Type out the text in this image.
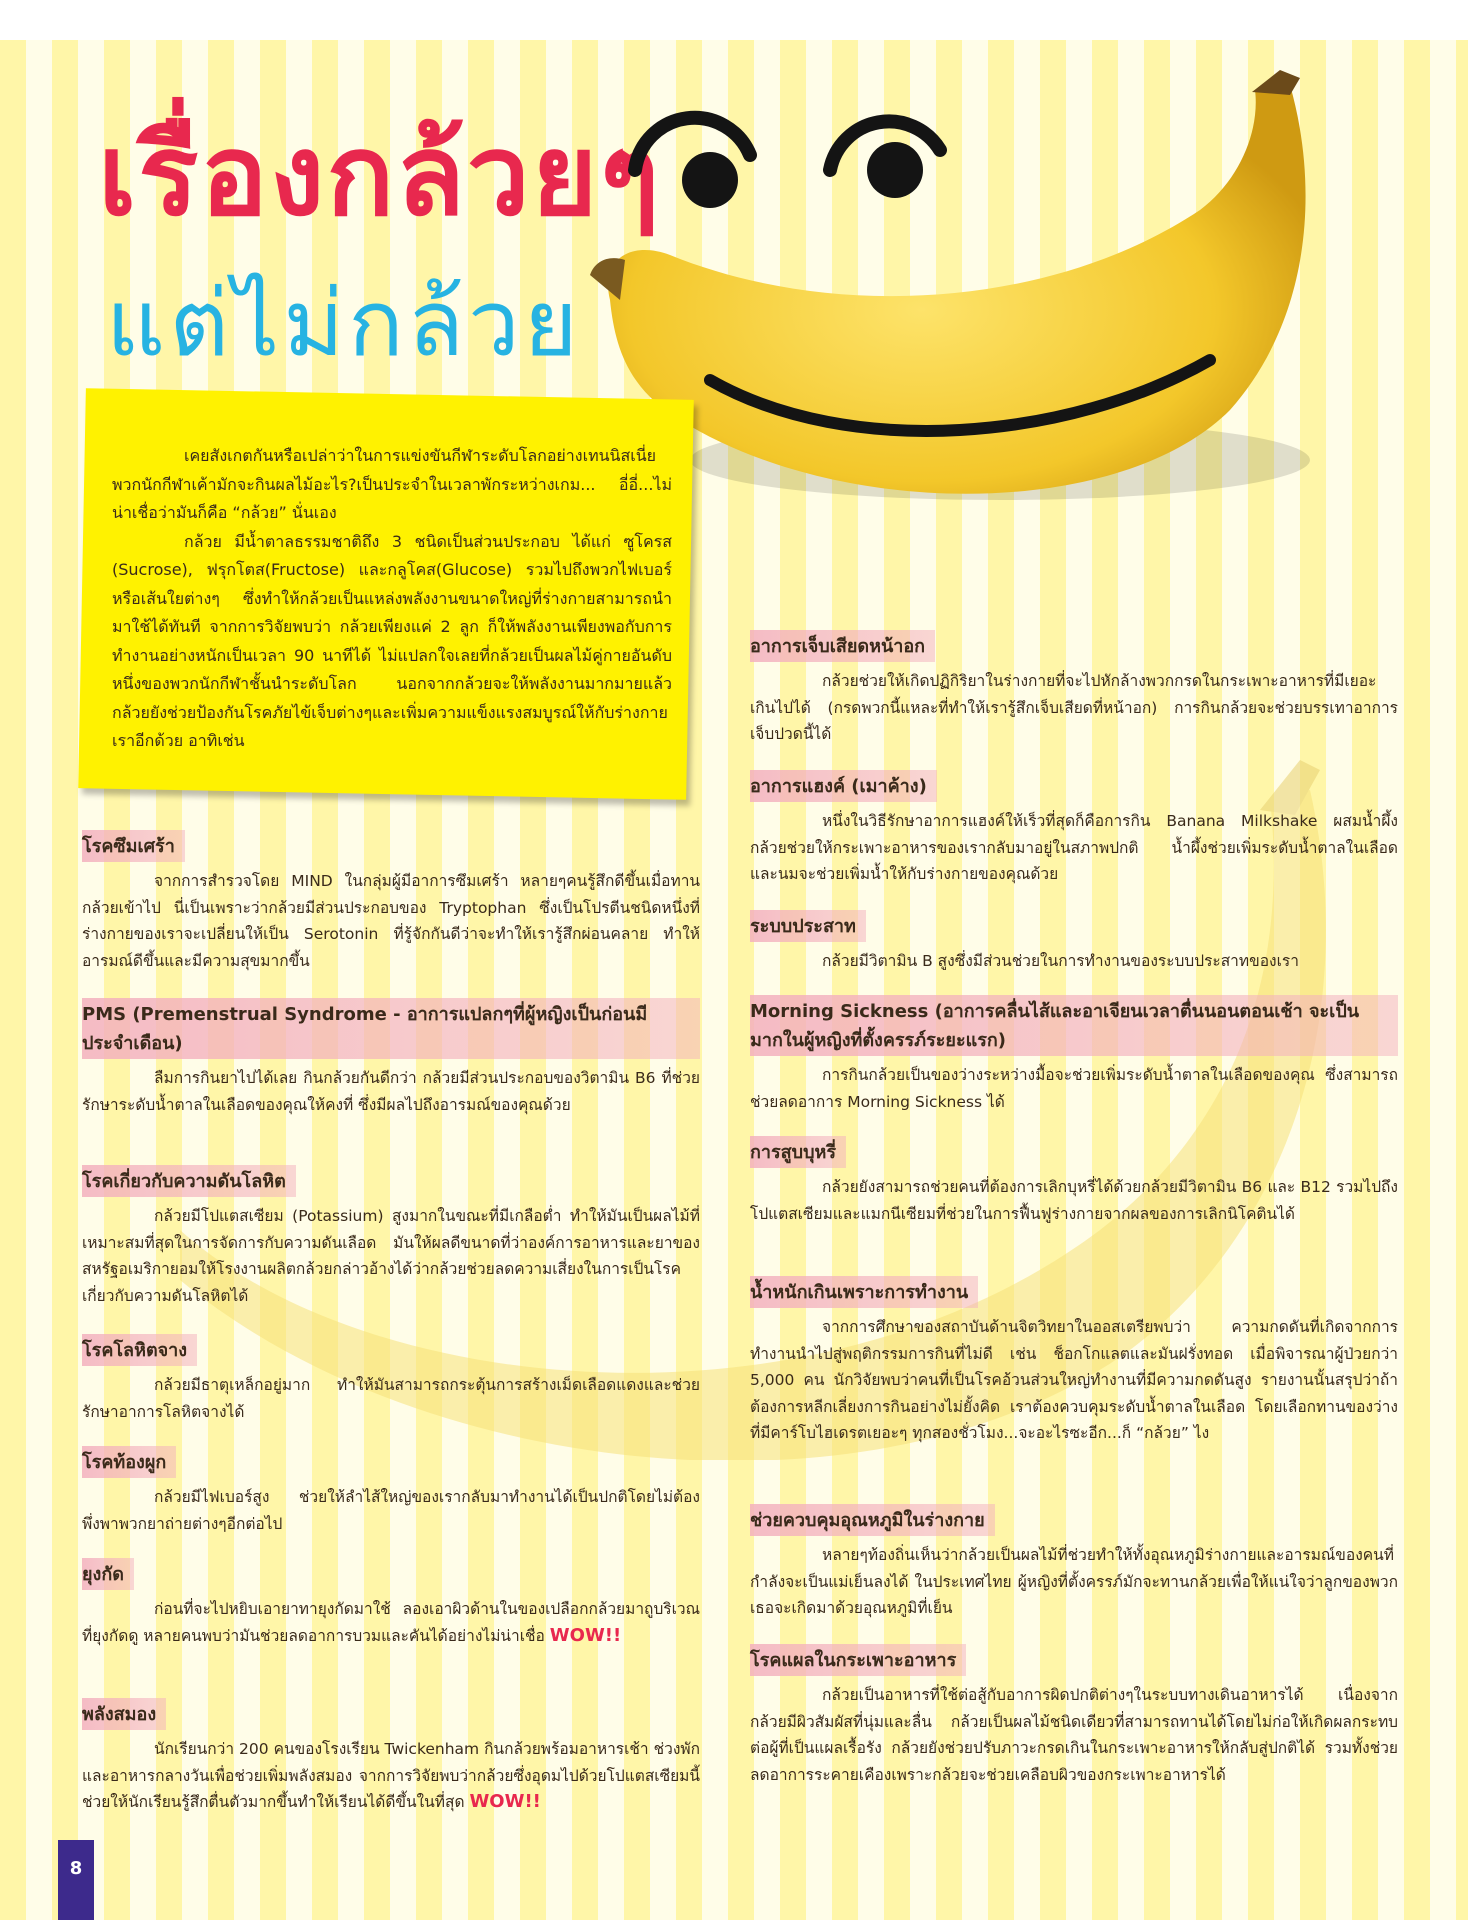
เรื่องกล้วยๆ
แต่ไม่กล้วย

เคยสังเกตกันหรือเปล่าว่าในการแข่งขันกีฬาระดับโลกอย่างเทนนิสเนี่ย พวกนักกีฬาเค้ามักจะกินผลไม้อะไร?เป็นประจำในเวลาพักระหว่างเกม... อี่อี่...ไม่น่าเชื่อว่ามันก็คือ “กล้วย” นั่นเอง

กล้วย มีน้ำตาลธรรมชาติถึง 3 ชนิดเป็นส่วนประกอบ ได้แก่ ซูโครส (Sucrose), ฟรุกโตส(Fructose) และกลูโคส(Glucose) รวมไปถึงพวกไฟเบอร์หรือเส้นใยต่างๆ ซึ่งทำให้กล้วยเป็นแหล่งพลังงานขนาดใหญ่ที่ร่างกายสามารถนำมาใช้ได้ทันที จากการวิจัยพบว่า กล้วยเพียงแค่ 2 ลูก ก็ให้พลังงานเพียงพอกับการทำงานอย่างหนักเป็นเวลา 90 นาทีได้ ไม่แปลกใจเลยที่กล้วยเป็นผลไม้คู่กายอันดับหนึ่งของพวกนักกีฬาชั้นนำระดับโลก นอกจากกล้วยจะให้พลังงานมากมายแล้ว กล้วยยังช่วยป้องกันโรคภัยไข้เจ็บต่างๆและเพิ่มความแข็งแรงสมบูรณ์ให้กับร่างกายเราอีกด้วย อาทิเช่น

โรคซึมเศร้า
จากการสำรวจโดย MIND ในกลุ่มผู้มีอาการซึมเศร้า หลายๆคนรู้สึกดีขึ้นเมื่อทานกล้วยเข้าไป นี่เป็นเพราะว่ากล้วยมีส่วนประกอบของ Tryptophan ซึ่งเป็นโปรตีนชนิดหนึ่งที่ร่างกายของเราจะเปลี่ยนให้เป็น Serotonin ที่รู้จักกันดีว่าจะทำให้เรารู้สึกผ่อนคลาย ทำให้อารมณ์ดีขึ้นและมีความสุขมากขึ้น
PMS (Premenstrual Syndrome - อาการแปลกๆที่ผู้หญิงเป็นก่อนมีประจำเดือน)
ลืมการกินยาไปได้เลย กินกล้วยกันดีกว่า กล้วยมีส่วนประกอบของวิตามิน B6 ที่ช่วยรักษาระดับน้ำตาลในเลือดของคุณให้คงที่ ซึ่งมีผลไปถึงอารมณ์ของคุณด้วย
โรคเกี่ยวกับความดันโลหิต
กล้วยมีโปแตสเซียม (Potassium) สูงมากในขณะที่มีเกลือต่ำ ทำให้มันเป็นผลไม้ที่เหมาะสมที่สุดในการจัดการกับความดันเลือด มันให้ผลดีขนาดที่ว่าองค์การอาหารและยาของสหรัฐอเมริกายอมให้โรงงานผลิตกล้วยกล่าวอ้างได้ว่ากล้วยช่วยลดความเสี่ยงในการเป็นโรคเกี่ยวกับความดันโลหิตได้
โรคโลหิตจาง
กล้วยมีธาตุเหล็กอยู่มาก ทำให้มันสามารถกระตุ้นการสร้างเม็ดเลือดแดงและช่วยรักษาอาการโลหิตจางได้
โรคท้องผูก
กล้วยมีไฟเบอร์สูง ช่วยให้ลำไส้ใหญ่ของเรากลับมาทำงานได้เป็นปกติโดยไม่ต้องพึ่งพาพวกยาถ่ายต่างๆอีกต่อไป
ยุงกัด
ก่อนที่จะไปหยิบเอายาทายุงกัดมาใช้ ลองเอาผิวด้านในของเปลือกกล้วยมาถูบริเวณที่ยุงกัดดู หลายคนพบว่ามันช่วยลดอาการบวมและคันได้อย่างไม่น่าเชื่อ WOW!!
พลังสมอง
นักเรียนกว่า 200 คนของโรงเรียน Twickenham กินกล้วยพร้อมอาหารเช้า ช่วงพัก และอาหารกลางวันเพื่อช่วยเพิ่มพลังสมอง จากการวิจัยพบว่ากล้วยซึ่งอุดมไปด้วยโปแตสเซียมนี้ช่วยให้นักเรียนรู้สึกตื่นตัวมากขึ้นทำให้เรียนได้ดีขึ้นในที่สุด WOW!!
อาการเจ็บเสียดหน้าอก
กล้วยช่วยให้เกิดปฏิกิริยาในร่างกายที่จะไปหักล้างพวกกรดในกระเพาะอาหารที่มีเยอะเกินไปได้ (กรดพวกนี้แหละที่ทำให้เรารู้สึกเจ็บเสียดที่หน้าอก) การกินกล้วยจะช่วยบรรเทาอาการเจ็บปวดนี้ได้
อาการแฮงค์ (เมาค้าง)
หนึ่งในวิธีรักษาอาการแฮงค์ให้เร็วที่สุดก็คือการกิน Banana Milkshake ผสมน้ำผึ้ง กล้วยช่วยให้กระเพาะอาหารของเรากลับมาอยู่ในสภาพปกติ น้ำผึ้งช่วยเพิ่มระดับน้ำตาลในเลือด และนมจะช่วยเพิ่มน้ำให้กับร่างกายของคุณด้วย
ระบบประสาท
กล้วยมีวิตามิน B สูงซึ่งมีส่วนช่วยในการทำงานของระบบประสาทของเรา
Morning Sickness (อาการคลื่นไส้และอาเจียนเวลาตื่นนอนตอนเช้า จะเป็นมากในผู้หญิงที่ตั้งครรภ์ระยะแรก)
การกินกล้วยเป็นของว่างระหว่างมื้อจะช่วยเพิ่มระดับน้ำตาลในเลือดของคุณ ซึ่งสามารถช่วยลดอาการ Morning Sickness ได้
การสูบบุหรี่
กล้วยยังสามารถช่วยคนที่ต้องการเลิกบุหรี่ได้ด้วยกล้วยมีวิตามิน B6 และ B12 รวมไปถึงโปแตสเซียมและแมกนีเซียมที่ช่วยในการฟื้นฟูร่างกายจากผลของการเลิกนิโคตินได้
น้ำหนักเกินเพราะการทำงาน
จากการศึกษาของสถาบันด้านจิตวิทยาในออสเตรียพบว่า ความกดดันที่เกิดจากการทำงานนำไปสู่พฤติกรรมการกินที่ไม่ดี เช่น ช็อกโกแลตและมันฝรั่งทอด เมื่อพิจารณาผู้ป่วยกว่า 5,000 คน นักวิจัยพบว่าคนที่เป็นโรคอ้วนส่วนใหญ่ทำงานที่มีความกดดันสูง รายงานนั้นสรุปว่าถ้าต้องการหลีกเลี่ยงการกินอย่างไม่ยั้งคิด เราต้องควบคุมระดับน้ำตาลในเลือด โดยเลือกทานของว่างที่มีคาร์โบไฮเดรตเยอะๆ ทุกสองชั่วโมง...จะอะไรซะอีก...ก็ “กล้วย” ไง
ช่วยควบคุมอุณหภูมิในร่างกาย
หลายๆท้องถิ่นเห็นว่ากล้วยเป็นผลไม้ที่ช่วยทำให้ทั้งอุณหภูมิร่างกายและอารมณ์ของคนที่กำลังจะเป็นแม่เย็นลงได้ ในประเทศไทย ผู้หญิงที่ตั้งครรภ์มักจะทานกล้วยเพื่อให้แน่ใจว่าลูกของพวกเธอจะเกิดมาด้วยอุณหภูมิที่เย็น
โรคแผลในกระเพาะอาหาร
กล้วยเป็นอาหารที่ใช้ต่อสู้กับอาการผิดปกติต่างๆในระบบทางเดินอาหารได้ เนื่องจากกล้วยมีผิวสัมผัสที่นุ่มและลื่น กล้วยเป็นผลไม้ชนิดเดียวที่สามารถทานได้โดยไม่ก่อให้เกิดผลกระทบต่อผู้ที่เป็นแผลเรื้อรัง กล้วยยังช่วยปรับภาวะกรดเกินในกระเพาะอาหารให้กลับสู่ปกติได้ รวมทั้งช่วยลดอาการระคายเคืองเพราะกล้วยจะช่วยเคลือบผิวของกระเพาะอาหารได้
8
